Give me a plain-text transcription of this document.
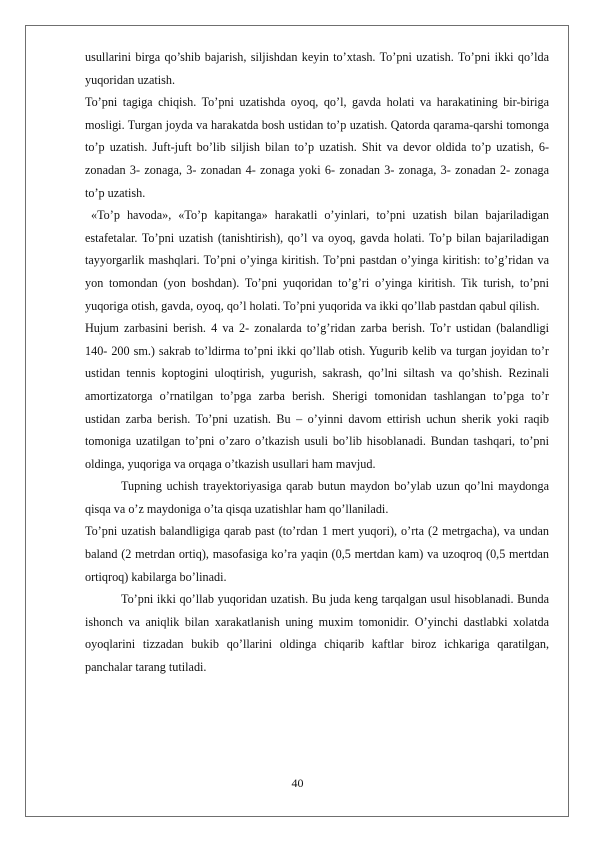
usullarini birga qo’shib bajarish, siljishdan keyin to’xtash. To’pni uzatish. To’pni ikki qo’lda yuqoridan uzatish.

To’pni tagiga chiqish. To’pni uzatishda oyoq, qo’l, gavda holati va harakatining bir-biriga mosligi. Turgan joyda va harakatda bosh ustidan to’p uzatish. Qatorda qarama-qarshi tomonga to’p uzatish. Juft-juft bo’lib siljish bilan to’p uzatish. Shit va devor oldida to’p uzatish, 6- zonadan 3- zonaga, 3- zonadan 4- zonaga yoki 6- zonadan 3- zonaga, 3- zonadan 2- zonaga to’p uzatish.

«To’p havoda», «To’p kapitanga» harakatli o’yinlari, to’pni uzatish bilan bajariladigan estafetalar. To’pni uzatish (tanishtirish), qo’l va oyoq, gavda holati. To’p bilan bajariladigan tayyorgarlik mashqlari. To’pni o’yinga kiritish. To’pni pastdan o’yinga kiritish: to’g’ridan va yon tomondan (yon boshdan). To’pni yuqoridan to’g’ri o’yinga kiritish. Tik turish, to’pni yuqoriga otish, gavda, oyoq, qo’l holati. To’pni yuqorida va ikki qo’llab pastdan qabul qilish.

Hujum zarbasini berish. 4 va 2- zonalarda to’g’ridan zarba berish. To’r ustidan (balandligi 140- 200 sm.) sakrab to’ldirma to’pni ikki qo’llab otish. Yugurib kelib va turgan joyidan to’r ustidan tennis koptogini uloqtirish, yugurish, sakrash, qo’lni siltash va qo’shish. Rezinali amortizatorga o’rnatilgan to’pga zarba berish. Sherigi tomonidan tashlangan to’pga to’r ustidan zarba berish. To’pni uzatish. Bu – o’yinni davom ettirish uchun sherik yoki raqib tomoniga uzatilgan to’pni o’zaro o’tkazish usuli bo’lib hisoblanadi. Bundan tashqari, to’pni oldinga, yuqoriga va orqaga o’tkazish usullari ham mavjud.

Tupning uchish trayektoriyasiga qarab butun maydon bo’ylab uzun qo’lni maydonga qisqa va o’z maydoniga o’ta qisqa uzatishlar ham qo’llaniladi.

To’pni uzatish balandligiga qarab past (to’rdan 1 mert yuqori), o’rta (2 metrgacha), va undan baland (2 metrdan ortiq), masofasiga ko’ra yaqin (0,5 mertdan kam) va uzoqroq (0,5 mertdan ortiqroq) kabilarga bo’linadi.

To’pni ikki qo’llab yuqoridan uzatish. Bu juda keng tarqalgan usul hisoblanadi. Bunda ishonch va aniqlik bilan xarakatlanish uning muxim tomonidir. O’yinchi dastlabki xolatda oyoqlarini tizzadan bukib qo’llarini oldinga chiqarib kaftlar biroz ichkariga qaratilgan, panchalar tarang tutiladi.

40
